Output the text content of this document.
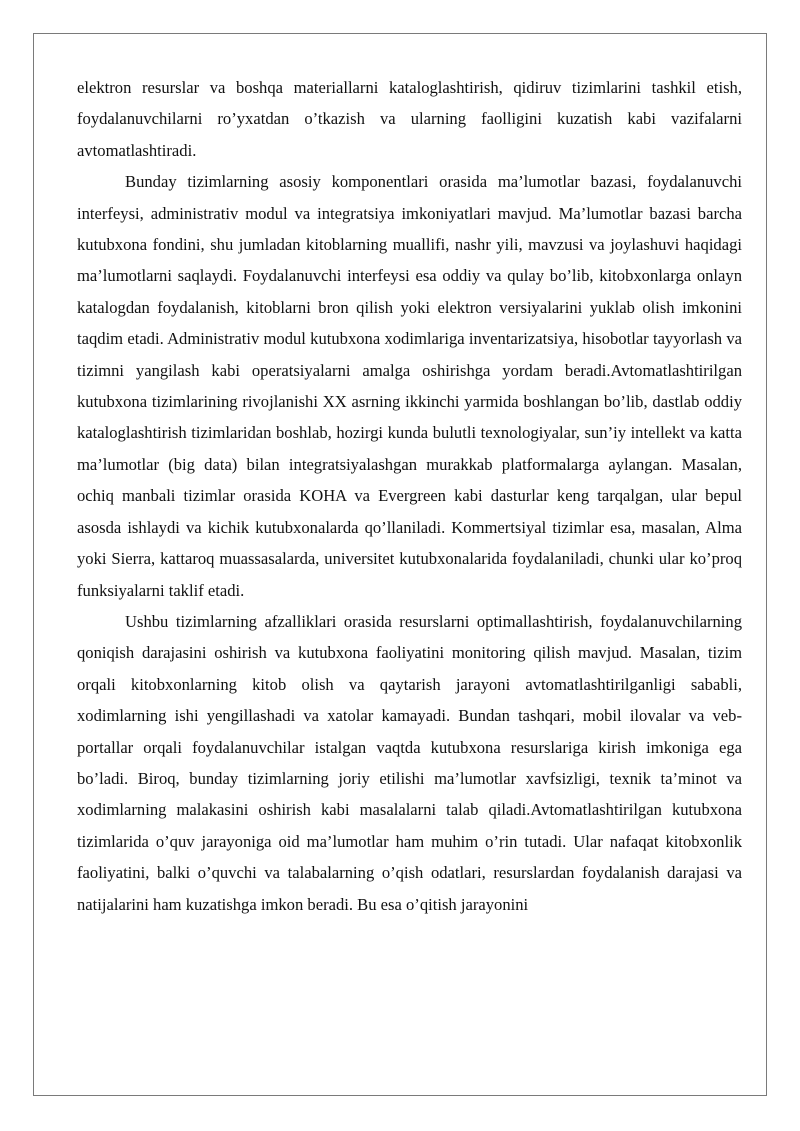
elektron resurslar va boshqa materiallarni kataloglashtirish, qidiruv tizimlarini tashkil etish, foydalanuvchilarni ro’yxatdan o’tkazish va ularning faolligini kuzatish kabi vazifalarni avtomatlashtiradi.

Bunday tizimlarning asosiy komponentlari orasida ma’lumotlar bazasi, foydalanuvchi interfeysi, administrativ modul va integratsiya imkoniyatlari mavjud. Ma’lumotlar bazasi barcha kutubxona fondini, shu jumladan kitoblarning muallifi, nashr yili, mavzusi va joylashuvi haqidagi ma’lumotlarni saqlaydi. Foydalanuvchi interfeysi esa oddiy va qulay bo’lib, kitobxonlarga onlayn katalogdan foydalanish, kitoblarni bron qilish yoki elektron versiyalarini yuklab olish imkonini taqdim etadi. Administrativ modul kutubxona xodimlariga inventarizatsiya, hisobotlar tayyorlash va tizimni yangilash kabi operatsiyalarni amalga oshirishga yordam beradi.Avtomatlashtirilgan kutubxona tizimlarining rivojlanishi XX asrning ikkinchi yarmida boshlangan bo’lib, dastlab oddiy kataloglashtirish tizimlaridan boshlab, hozirgi kunda bulutli texnologiyalar, sun’iy intellekt va katta ma’lumotlar (big data) bilan integratsiyalashgan murakkab platformalarga aylangan. Masalan, ochiq manbali tizimlar orasida KOHA va Evergreen kabi dasturlar keng tarqalgan, ular bepul asosda ishlaydi va kichik kutubxonalarda qo’llaniladi. Kommertsiyal tizimlar esa, masalan, Alma yoki Sierra, kattaroq muassasalarda, universitet kutubxonalarida foydalaniladi, chunki ular ko’proq funksiyalarni taklif etadi.

Ushbu tizimlarning afzalliklari orasida resurslarni optimallashtirish, foydalanuvchilarning qoniqish darajasini oshirish va kutubxona faoliyatini monitoring qilish mavjud. Masalan, tizim orqali kitobxonlarning kitob olish va qaytarish jarayoni avtomatlashtirilganligi sababli, xodimlarning ishi yengillashadi va xatolar kamayadi. Bundan tashqari, mobil ilovalar va veb-portallar orqali foydalanuvchilar istalgan vaqtda kutubxona resurslariga kirish imkoniga ega bo’ladi. Biroq, bunday tizimlarning joriy etilishi ma’lumotlar xavfsizligi, texnik ta’minot va xodimlarning malakasini oshirish kabi masalalarni talab qiladi.Avtomatlashtirilgan kutubxona tizimlarida o’quv jarayoniga oid ma’lumotlar ham muhim o’rin tutadi. Ular nafaqat kitobxonlik faoliyatini, balki o’quvchi va talabalarning o’qish odatlari, resurslardan foydalanish darajasi va natijalarini ham kuzatishga imkon beradi. Bu esa o’qitish jarayonini
